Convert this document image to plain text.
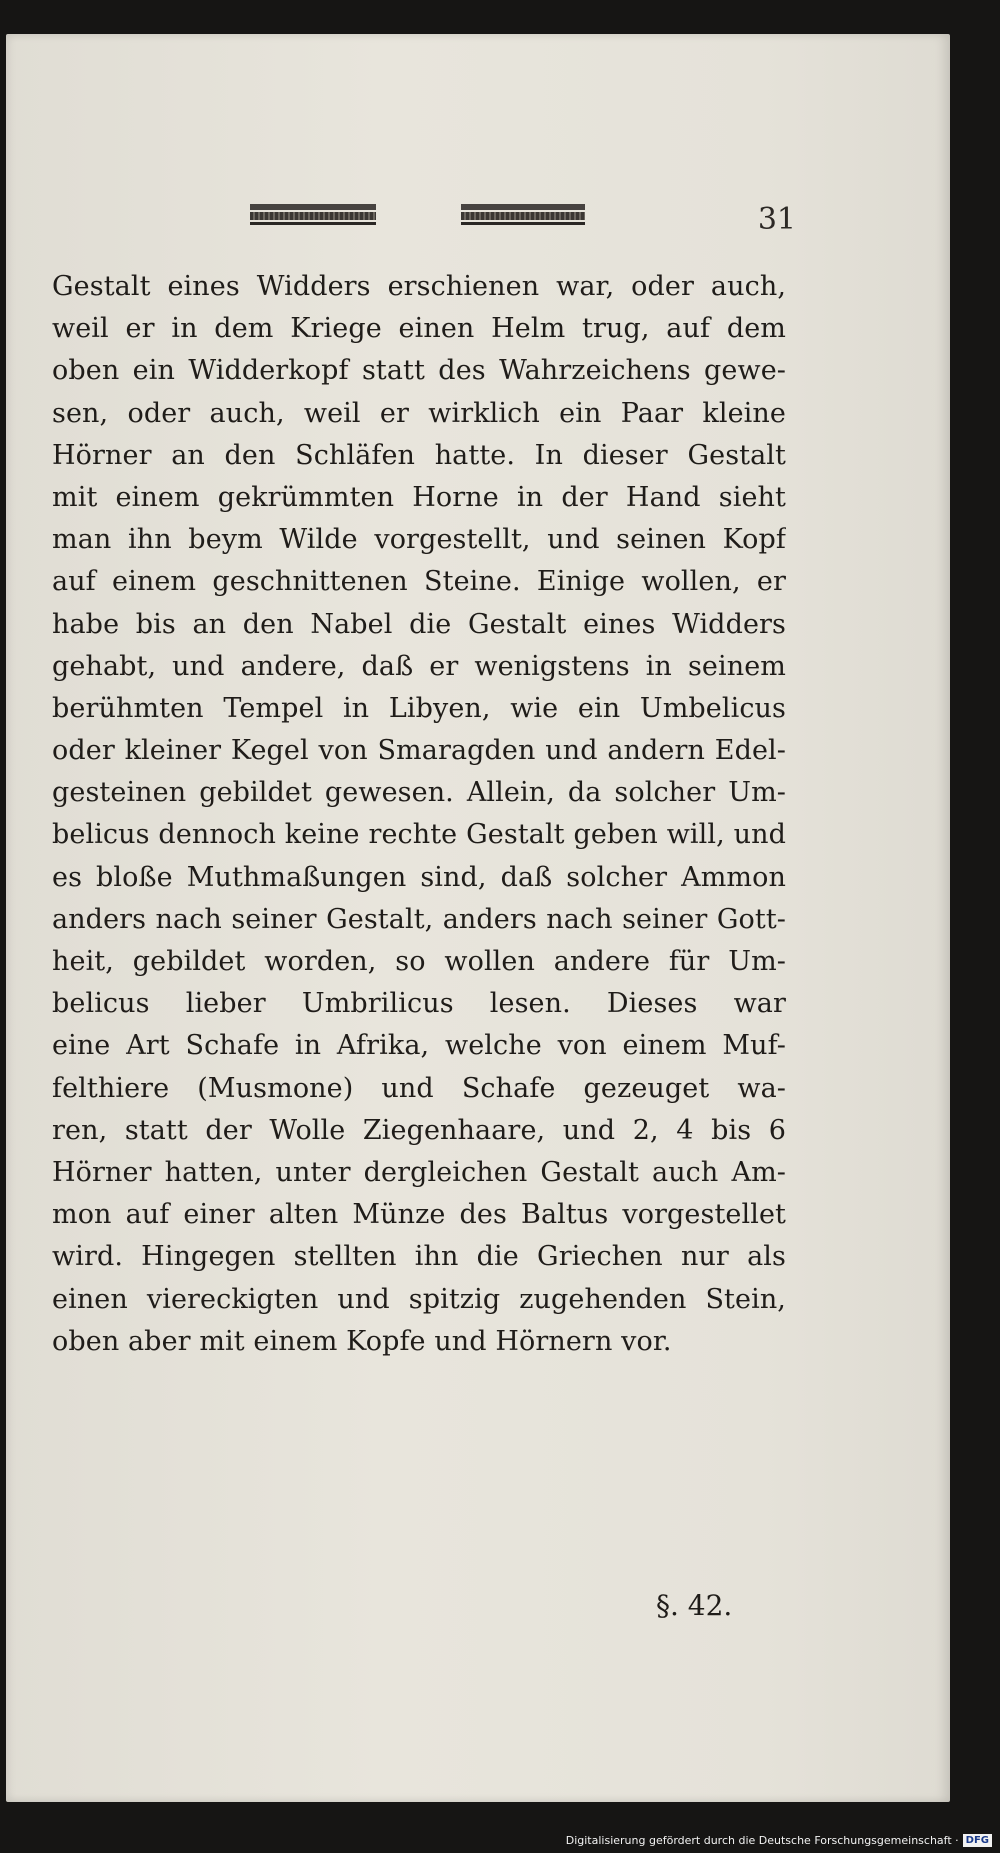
31
Gestalt eines Widders erschienen war, oder auch,
weil er in dem Kriege einen Helm trug, auf dem
oben ein Widderkopf statt des Wahrzeichens gewe-
sen, oder auch, weil er wirklich ein Paar kleine
Hörner an den Schläfen hatte. In dieser Gestalt
mit einem gekrümmten Horne in der Hand sieht
man ihn beym Wilde vorgestellt, und seinen Kopf
auf einem geschnittenen Steine. Einige wollen, er
habe bis an den Nabel die Gestalt eines Widders
gehabt, und andere, daß er wenigstens in seinem
berühmten Tempel in Libyen, wie ein Umbelicus
oder kleiner Kegel von Smaragden und andern Edel-
gesteinen gebildet gewesen. Allein, da solcher Um-
belicus dennoch keine rechte Gestalt geben will, und
es bloße Muthmaßungen sind, daß solcher Ammon
anders nach seiner Gestalt, anders nach seiner Gott-
heit, gebildet worden, so wollen andere für Um-
belicus lieber Umbrilicus lesen. Dieses war
eine Art Schafe in Afrika, welche von einem Muf-
felthiere (Musmone) und Schafe gezeuget wa-
ren, statt der Wolle Ziegenhaare, und 2, 4 bis 6
Hörner hatten, unter dergleichen Gestalt auch Am-
mon auf einer alten Münze des Baltus vorgestellet
wird. Hingegen stellten ihn die Griechen nur als
einen viereckigten und spitzig zugehenden Stein,
oben aber mit einem Kopfe und Hörnern vor.
§. 42.
Digitalisierung gefördert durch die Deutsche Forschungsgemeinschaft · DFG
